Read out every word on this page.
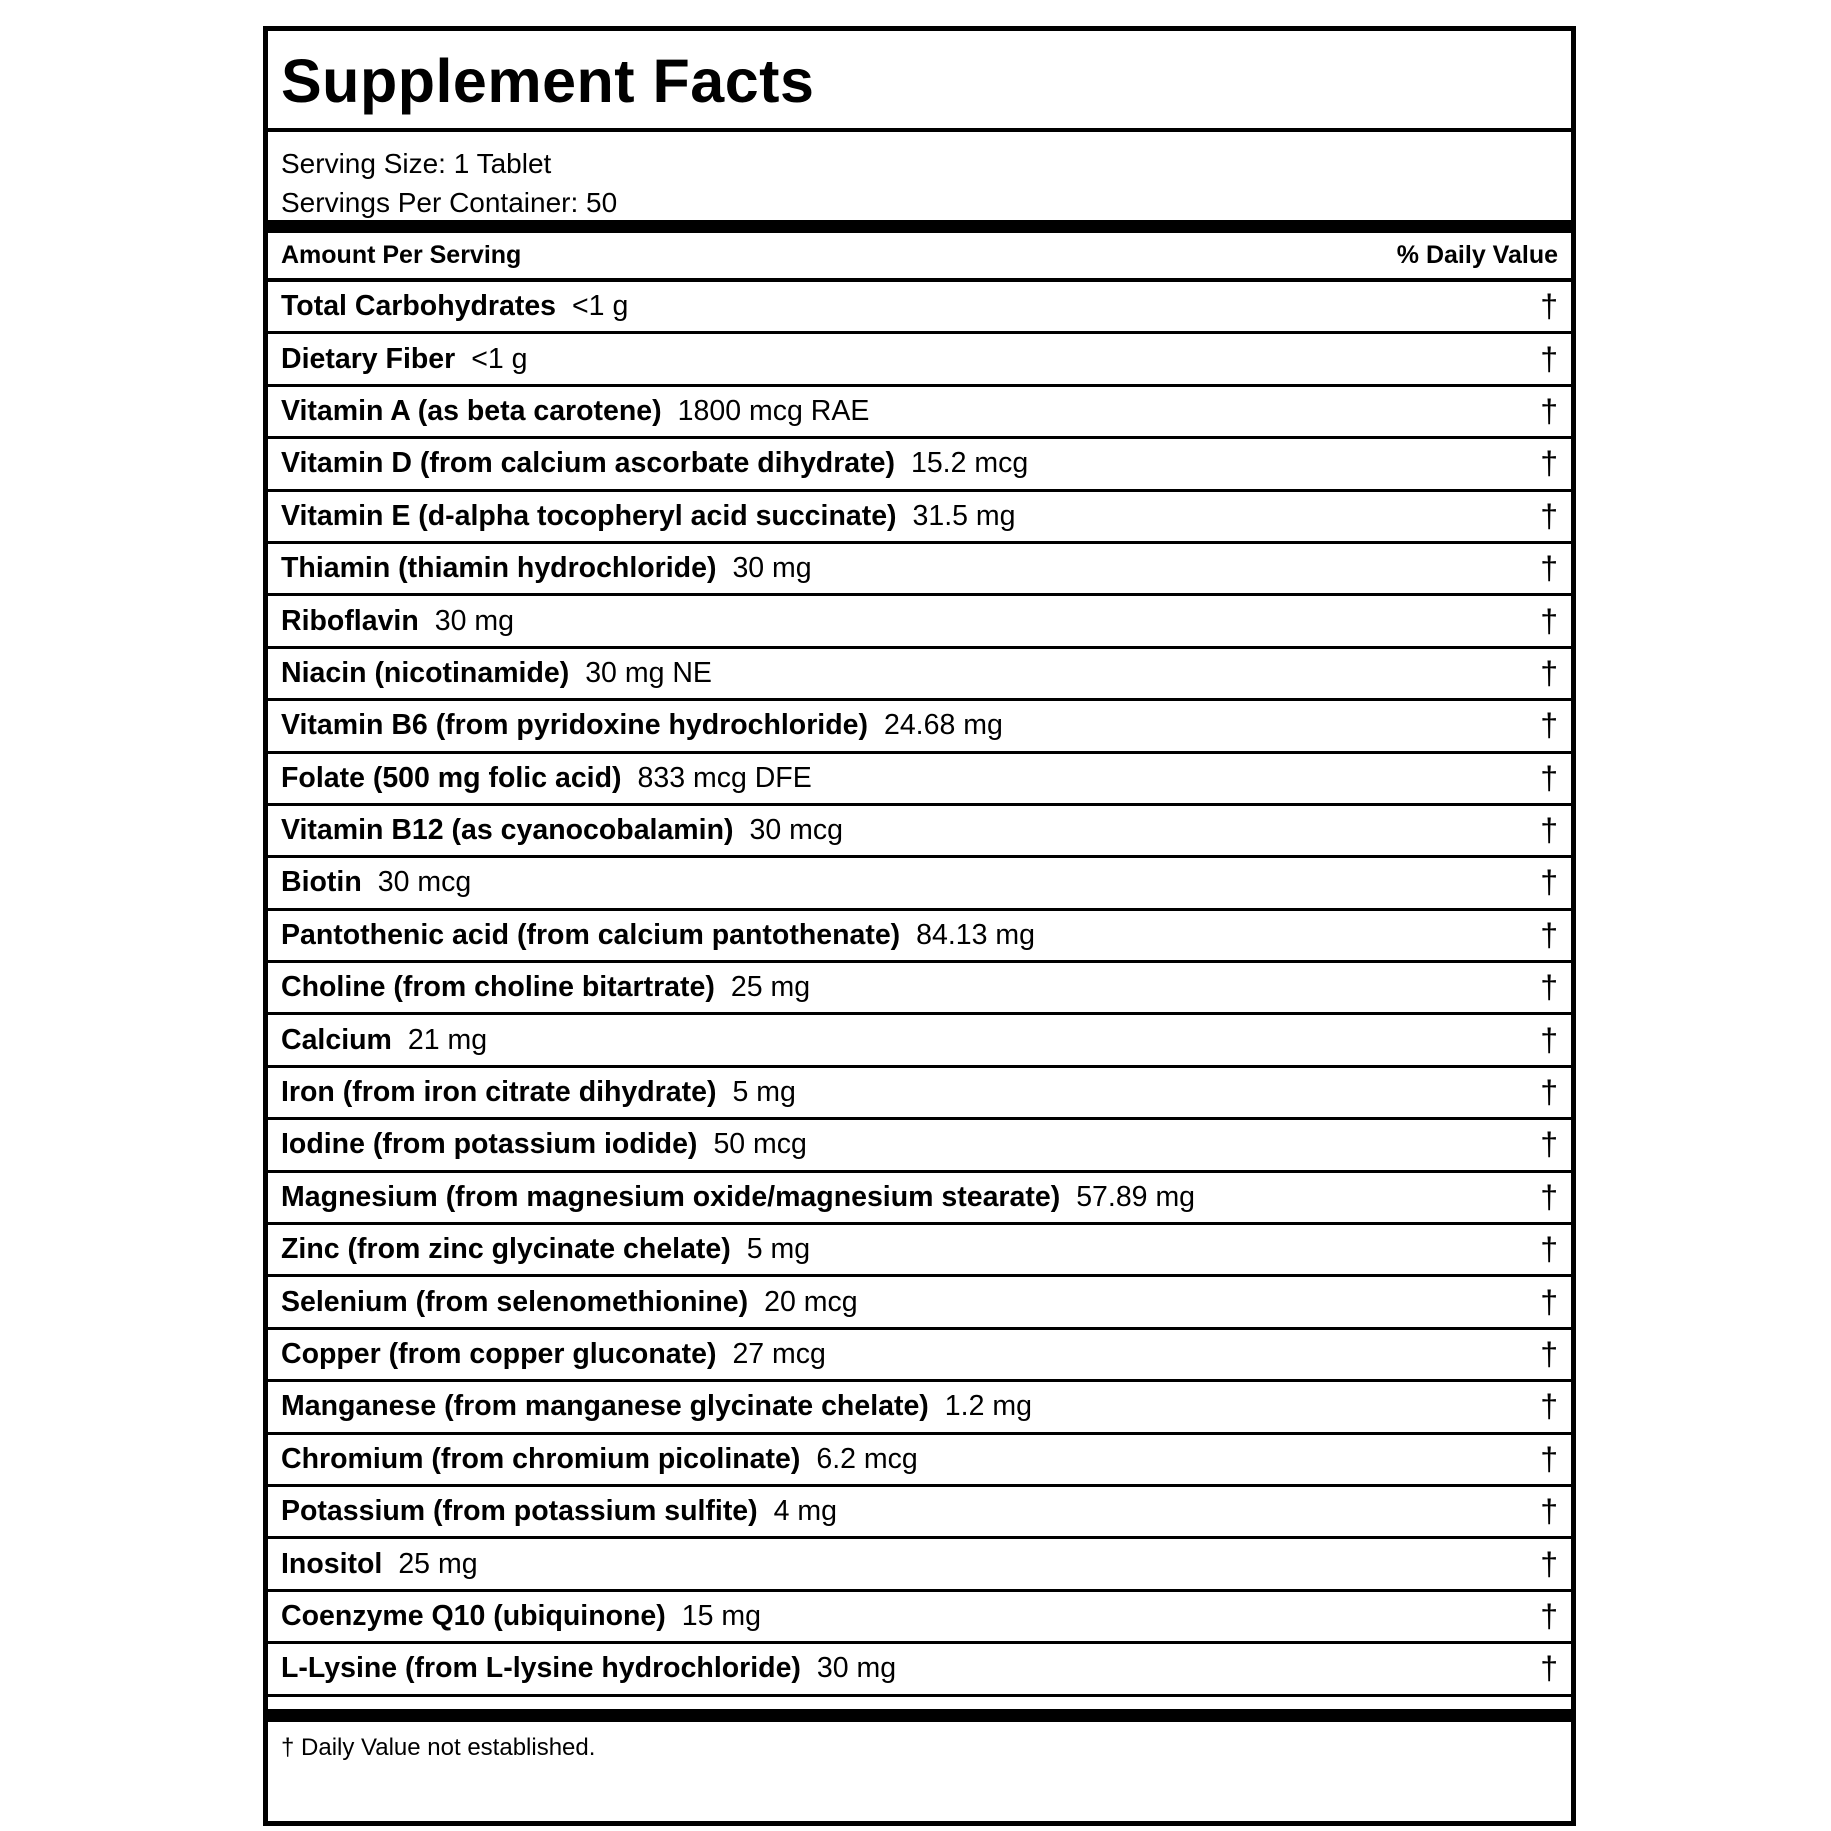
Supplement Facts
Serving Size: 1 Tablet
Servings Per Container: 50
Amount Per Serving	% Daily Value
Total Carbohydrates <1 g	†
Dietary Fiber <1 g	†
Vitamin A (as beta carotene) 1800 mcg RAE	†
Vitamin D (from calcium ascorbate dihydrate) 15.2 mcg	†
Vitamin E (d-alpha tocopheryl acid succinate) 31.5 mg	†
Thiamin (thiamin hydrochloride) 30 mg	†
Riboflavin 30 mg	†
Niacin (nicotinamide) 30 mg NE	†
Vitamin B6 (from pyridoxine hydrochloride) 24.68 mg	†
Folate (500 mg folic acid) 833 mcg DFE	†
Vitamin B12 (as cyanocobalamin) 30 mcg	†
Biotin 30 mcg	†
Pantothenic acid (from calcium pantothenate) 84.13 mg	†
Choline (from choline bitartrate) 25 mg	†
Calcium 21 mg	†
Iron (from iron citrate dihydrate) 5 mg	†
Iodine (from potassium iodide) 50 mcg	†
Magnesium (from magnesium oxide/magnesium stearate) 57.89 mg	†
Zinc (from zinc glycinate chelate) 5 mg	†
Selenium (from selenomethionine) 20 mcg	†
Copper (from copper gluconate) 27 mcg	†
Manganese (from manganese glycinate chelate) 1.2 mg	†
Chromium (from chromium picolinate) 6.2 mcg	†
Potassium (from potassium sulfite) 4 mg	†
Inositol 25 mg	†
Coenzyme Q10 (ubiquinone) 15 mg	†
L-Lysine (from L-lysine hydrochloride) 30 mg	†
† Daily Value not established.
